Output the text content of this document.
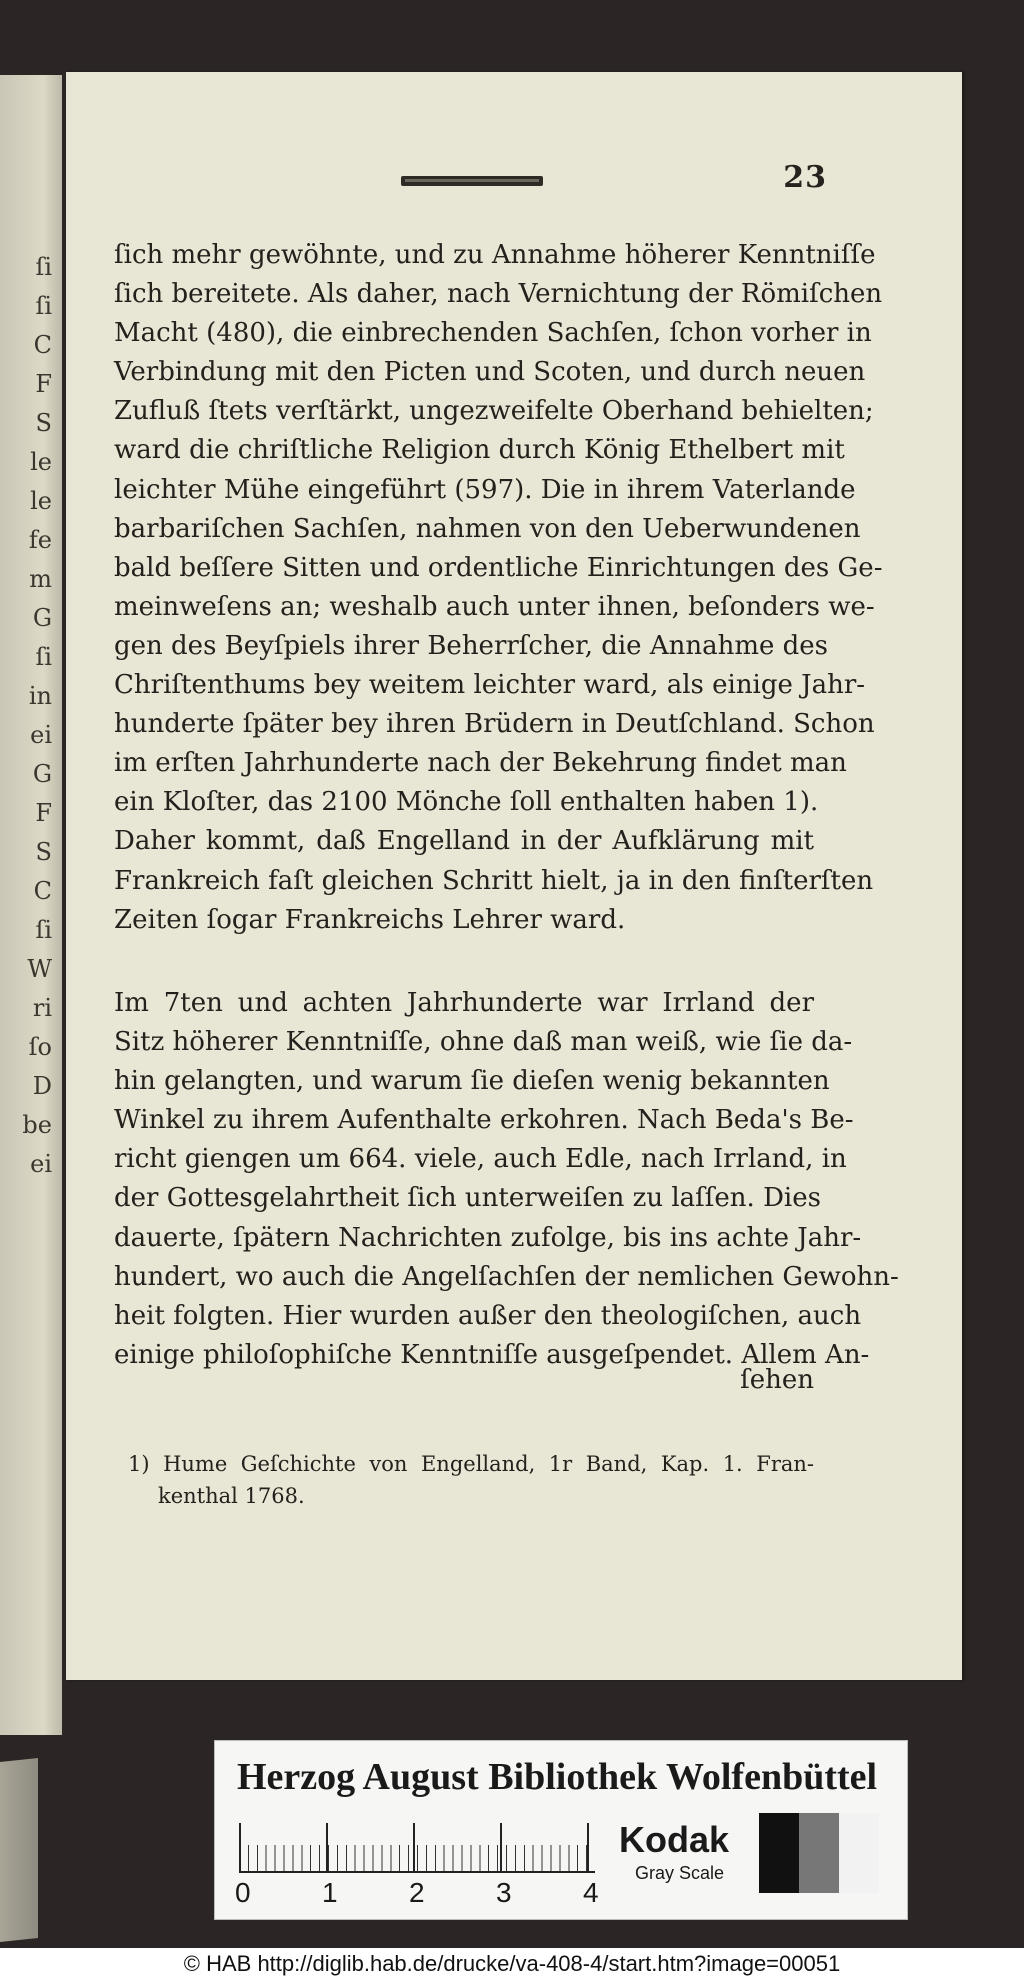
ſi
ſi
C
F
S
le
le
fe
m
G
ſi
in
ei
G
F
S
C
ſi
W
ri
ſo
D
be
ei
23
ſich mehr gewöhnte, und zu Annahme höherer Kenntniſſe
ſich bereitete. Als daher, nach Vernichtung der Römiſchen
Macht (480), die einbrechenden Sachſen, ſchon vorher in
Verbindung mit den Picten und Scoten, und durch neuen
Zufluß ſtets verſtärkt, ungezweifelte Oberhand behielten;
ward die chriſtliche Religion durch König Ethelbert mit
leichter Mühe eingeführt (597). Die in ihrem Vaterlande
barbariſchen Sachſen, nahmen von den Ueberwundenen
bald beſſere Sitten und ordentliche Einrichtungen des Ge-
meinweſens an; weshalb auch unter ihnen, beſonders we-
gen des Beyſpiels ihrer Beherrſcher, die Annahme des
Chriſtenthums bey weitem leichter ward, als einige Jahr-
hunderte ſpäter bey ihren Brüdern in Deutſchland. Schon
im erſten Jahrhunderte nach der Bekehrung findet man
ein Kloſter, das 2100 Mönche ſoll enthalten haben 1).
Daher kommt, daß Engelland in der Aufklärung mit
Frankreich faſt gleichen Schritt hielt, ja in den finſterſten
Zeiten ſogar Frankreichs Lehrer ward.
Im 7ten und achten Jahrhunderte war Irrland der
Sitz höherer Kenntniſſe, ohne daß man weiß, wie ſie da-
hin gelangten, und warum ſie dieſen wenig bekannten
Winkel zu ihrem Aufenthalte erkohren. Nach Beda's Be-
richt giengen um 664. viele, auch Edle, nach Irrland, in
der Gottesgelahrtheit ſich unterweiſen zu laſſen. Dies
dauerte, ſpätern Nachrichten zufolge, bis ins achte Jahr-
hundert, wo auch die Angelſachſen der nemlichen Gewohn-
heit folgten. Hier wurden außer den theologiſchen, auch
einige philoſophiſche Kenntniſſe ausgeſpendet. Allem An-
ſehen
1) Hume Geſchichte von Engelland, 1r Band, Kap. 1. Fran-
kenthal 1768.
Herzog August Bibliothek Wolfenbüttel
0	1	2	3	4
Kodak
Gray Scale
© HAB http://diglib.hab.de/drucke/va-408-4/start.htm?image=00051
